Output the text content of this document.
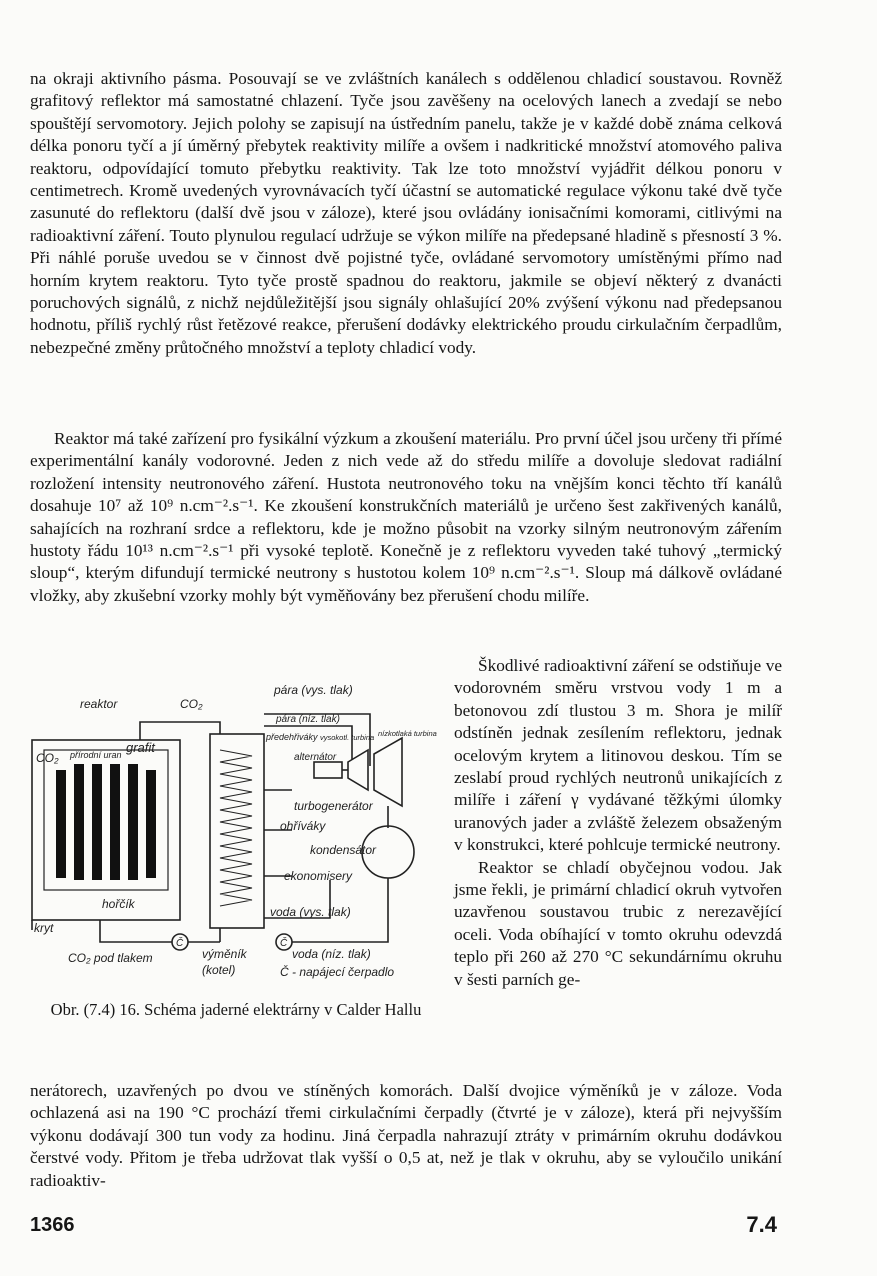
na okraji aktivního pásma. Posouvají se ve zvláštních kanálech s oddělenou chladicí soustavou. Rovněž grafitový reflektor má samostatné chlazení. Tyče jsou zavěšeny na ocelových lanech a zvedají se nebo spouštějí servomotory. Jejich polohy se zapisují na ústředním panelu, takže je v každé době známa celková délka ponoru tyčí a jí úměrný přebytek reaktivity milíře a ovšem i nadkritické množství atomového paliva reaktoru, odpovídající tomuto přebytku reaktivity. Tak lze toto množství vyjádřit délkou ponoru v centimetrech. Kromě uvedených vyrovnávacích tyčí účastní se automatické regulace výkonu také dvě tyče zasunuté do reflektoru (další dvě jsou v záloze), které jsou ovládány ionisačními komorami, citlivými na radioaktivní záření. Touto plynulou regulací udržuje se výkon milíře na předepsané hladině s přesností 3 %. Při náhlé poruše uvedou se v činnost dvě pojistné tyče, ovládané servomotory umístěnými přímo nad horním krytem reaktoru. Tyto tyče prostě spadnou do reaktoru, jakmile se objeví některý z dvanácti poruchových signálů, z nichž nejdůležitější jsou signály ohlašující 20% zvýšení výkonu nad předepsanou hodnotu, příliš rychlý růst řetězové reakce, přerušení dodávky elektrického proudu cirkulačním čerpadlům, nebezpečné změny průtočného množství a teploty chladicí vody.

Reaktor má také zařízení pro fysikální výzkum a zkoušení materiálu. Pro první účel jsou určeny tři přímé experimentální kanály vodorovné. Jeden z nich vede až do středu milíře a dovoluje sledovat radiální rozložení intensity neutronového záření. Hustota neutronového toku na vnějším konci těchto tří kanálů dosahuje 10⁷ až 10⁹ n.cm⁻².s⁻¹. Ke zkoušení konstrukčních materiálů je určeno šest zakřivených kanálů, sahajících na rozhraní srdce a reflektoru, kde je možno působit na vzorky silným neutronovým zářením hustoty řádu 10¹³ n.cm⁻².s⁻¹ při vysoké teplotě. Konečně je z reflektoru vyveden také tuhový „termický sloup“, kterým difundují termické neutrony s hustotou kolem 10⁹ n.cm⁻².s⁻¹. Sloup má dálkově ovládané vložky, aby zkušební vzorky mohly být vyměňovány bez přerušení chodu milíře.

reaktor	CO₂
CO₂ přírodní uran grafit
hořčík
kryt
CO₂ pod tlakem	výměník
(kotel)
pára (vys. tlak)
pára (níz. tlak)
předehřiváky vysokotl. turbina nízkotlaká turbina
alternátor
turbogenerátor
ohříváky
kondensátor
ekonomisery
voda (vys. tlak)
voda (níz. tlak)
Č - napájecí čerpadlo
Č	Č

Obr. (7.4) 16. Schéma jaderné elektrárny v Calder Hallu

Škodlivé radioaktivní záření se odstiňuje ve vodorovném směru vrstvou vody 1 m a betonovou zdí tlustou 3 m. Shora je milíř odstíněn jednak zesílením reflektoru, jednak ocelovým krytem a litinovou deskou. Tím se zeslabí proud rychlých neutronů unikajících z milíře i záření γ vydávané těžkými úlomky uranových jader a zvláště železem obsaženým v konstrukci, které pohlcuje termické neutrony.

Reaktor se chladí obyčejnou vodou. Jak jsme řekli, je primární chladicí okruh vytvořen uzavřenou soustavou trubic z nerezavějící oceli. Voda obíhající v tomto okruhu odevzdá teplo při 260 až 270 °C sekundárnímu okruhu v šesti parních ge-

nerátorech, uzavřených po dvou ve stíněných komorách. Další dvojice výměníků je v záloze. Voda ochlazená asi na 190 °C prochází třemi cirkulačními čerpadly (čtvrté je v záloze), která při nejvyšším výkonu dodávají 300 tun vody za hodinu. Jiná čerpadla nahrazují ztráty v primárním okruhu dodávkou čerstvé vody. Přitom je třeba udržovat tlak vyšší o 0,5 at, než je tlak v okruhu, aby se vyloučilo unikání radioaktiv-

1366	7.4
